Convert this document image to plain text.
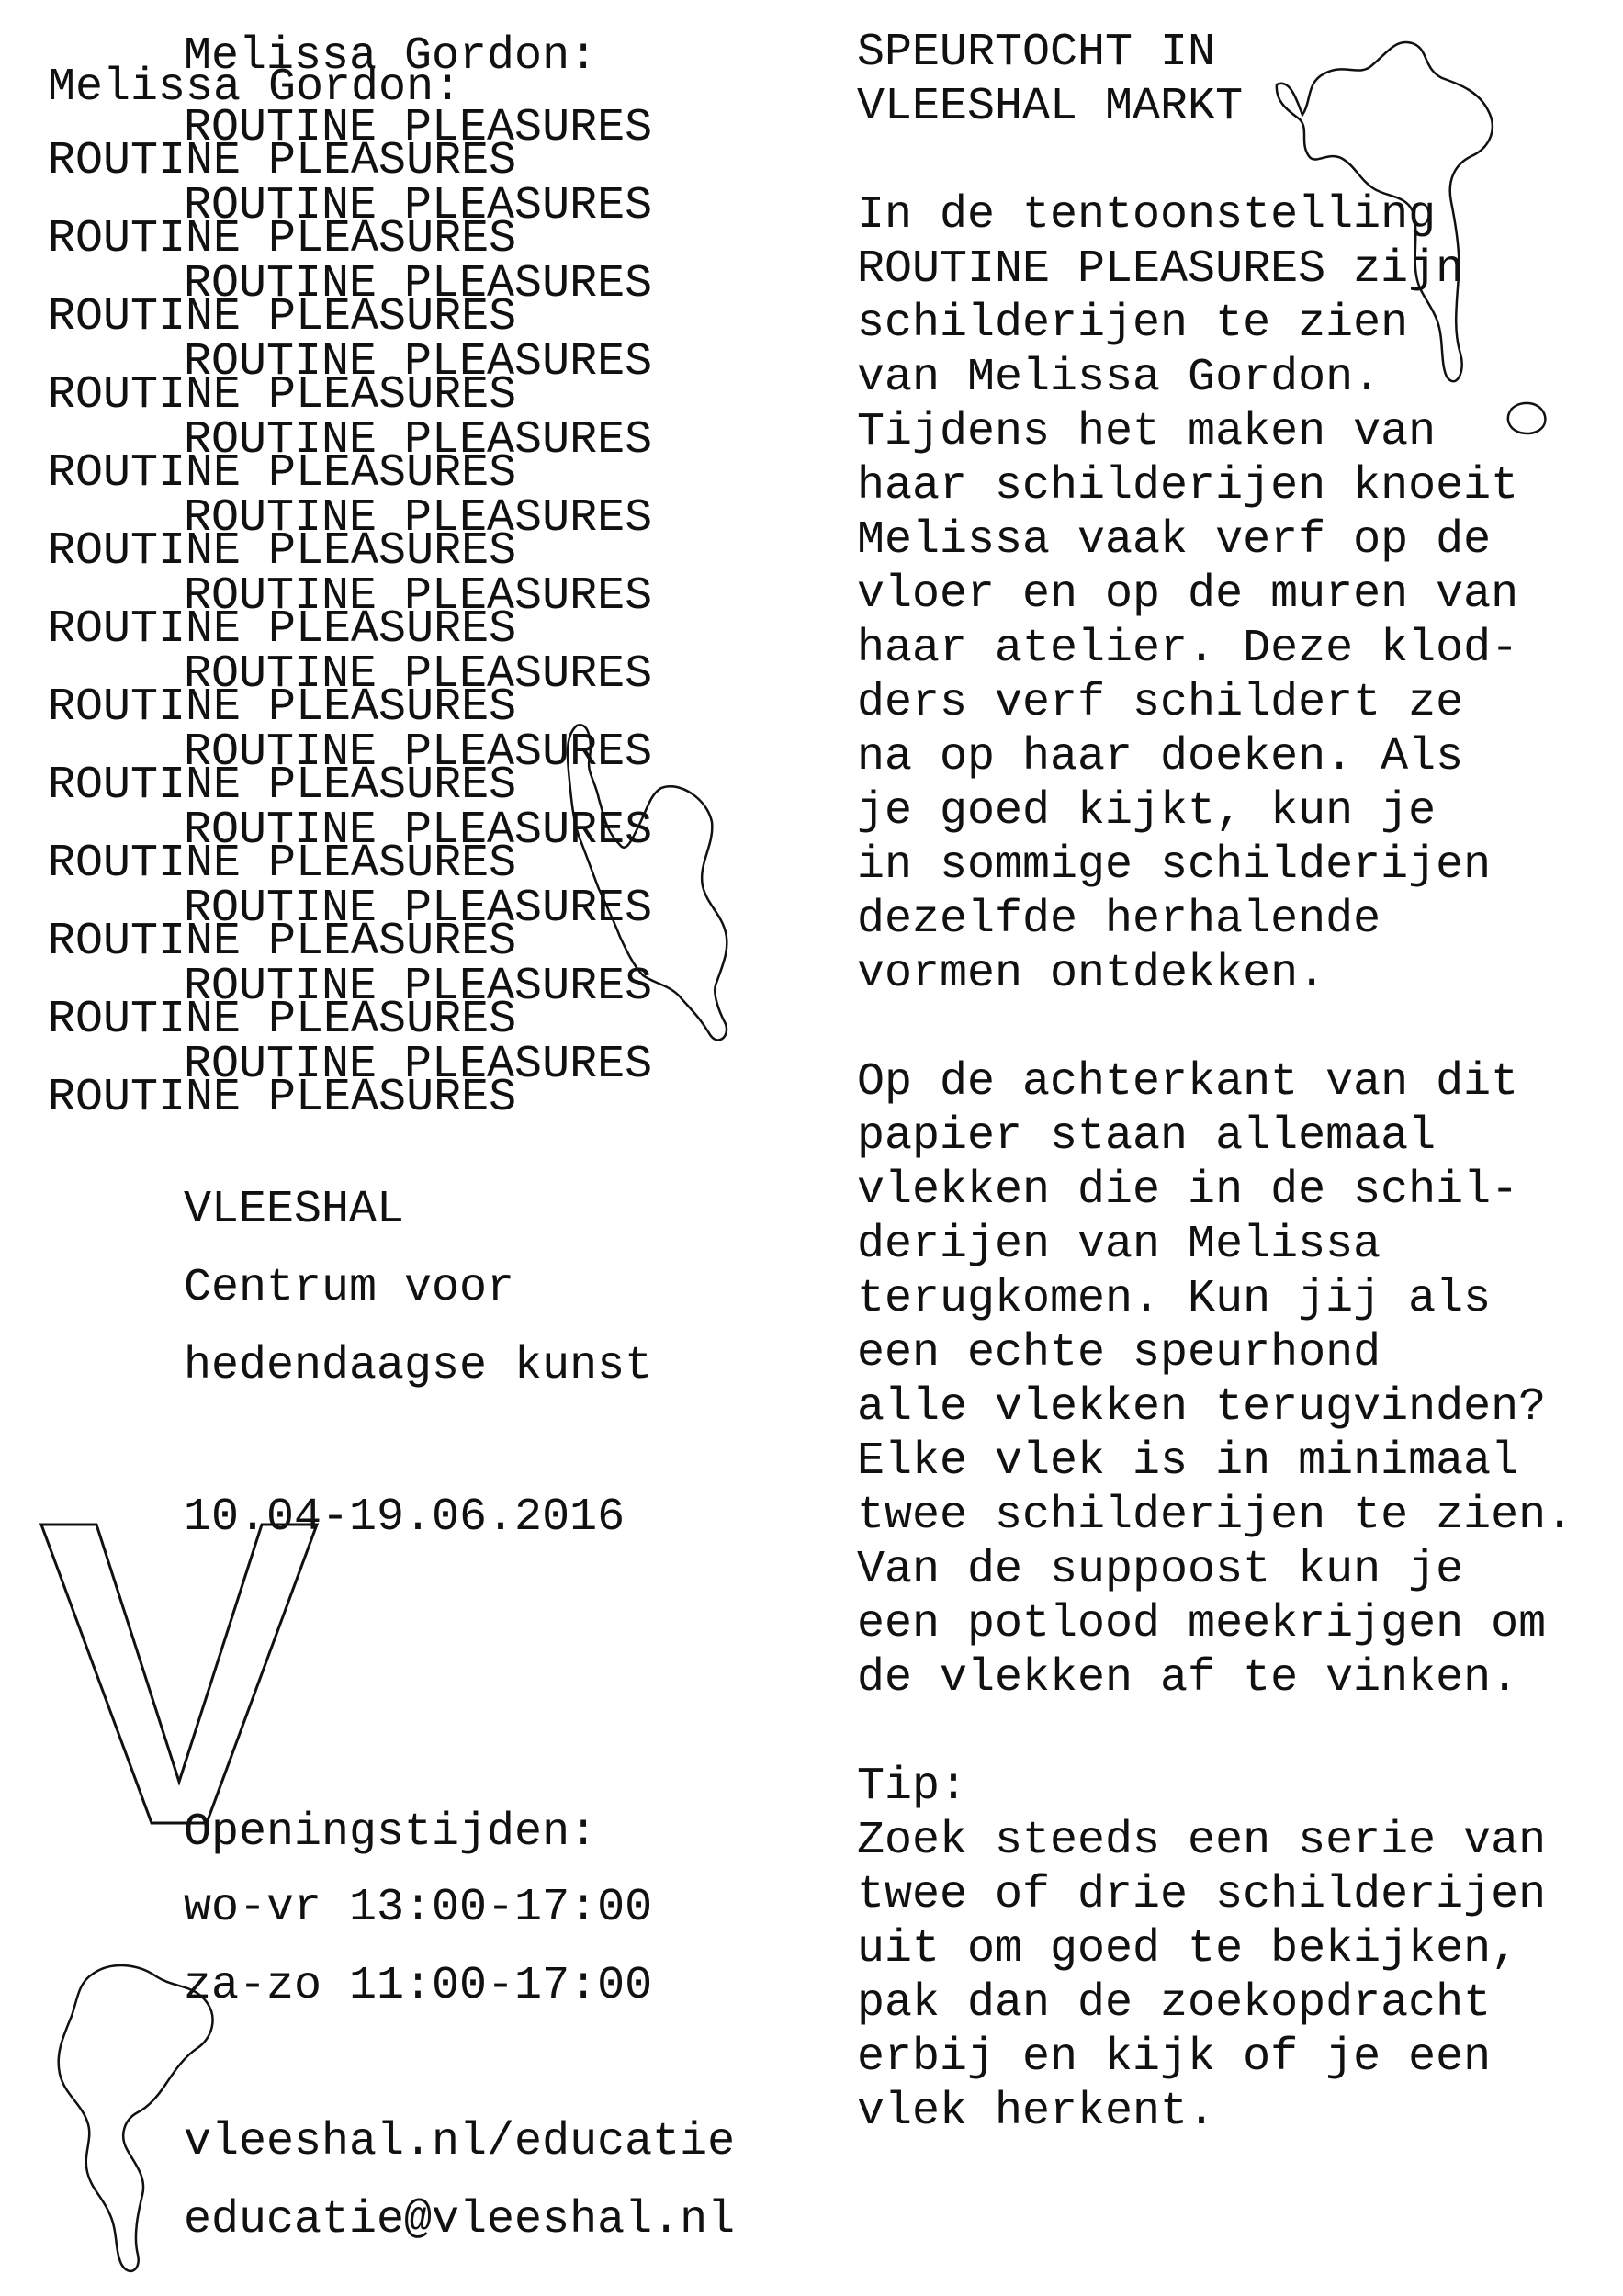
Melissa Gordon:
ROUTINE PLEASURES
ROUTINE PLEASURES
ROUTINE PLEASURES
ROUTINE PLEASURES
ROUTINE PLEASURES
ROUTINE PLEASURES
ROUTINE PLEASURES
ROUTINE PLEASURES
ROUTINE PLEASURES
ROUTINE PLEASURES
ROUTINE PLEASURES
ROUTINE PLEASURES
ROUTINE PLEASURES
Melissa Gordon:
ROUTINE PLEASURES
ROUTINE PLEASURES
ROUTINE PLEASURES
ROUTINE PLEASURES
ROUTINE PLEASURES
ROUTINE PLEASURES
ROUTINE PLEASURES
ROUTINE PLEASURES
ROUTINE PLEASURES
ROUTINE PLEASURES
ROUTINE PLEASURES
ROUTINE PLEASURES
ROUTINE PLEASURES
VLEESHAL
Centrum voor
hedendaagse kunst
10.04-19.06.2016
Openingstijden:
wo-vr 13:00-17:00
za-zo 11:00-17:00
vleeshal.nl/educatie
educatie@vleeshal.nl
SPEURTOCHT IN
VLEESHAL MARKT
In de tentoonstelling
ROUTINE PLEASURES zijn
schilderijen te zien
van Melissa Gordon.
Tijdens het maken van
haar schilderijen knoeit
Melissa vaak verf op de
vloer en op de muren van
haar atelier. Deze klod-
ders verf schildert ze
na op haar doeken. Als
je goed kijkt, kun je
in sommige schilderijen
dezelfde herhalende
vormen ontdekken.
Op de achterkant van dit
papier staan allemaal
vlekken die in de schil-
derijen van Melissa
terugkomen. Kun jij als
een echte speurhond
alle vlekken terugvinden?
Elke vlek is in minimaal
twee schilderijen te zien.
Van de suppoost kun je
een potlood meekrijgen om
de vlekken af te vinken.
Tip:
Zoek steeds een serie van
twee of drie schilderijen
uit om goed te bekijken,
pak dan de zoekopdracht
erbij en kijk of je een
vlek herkent.
